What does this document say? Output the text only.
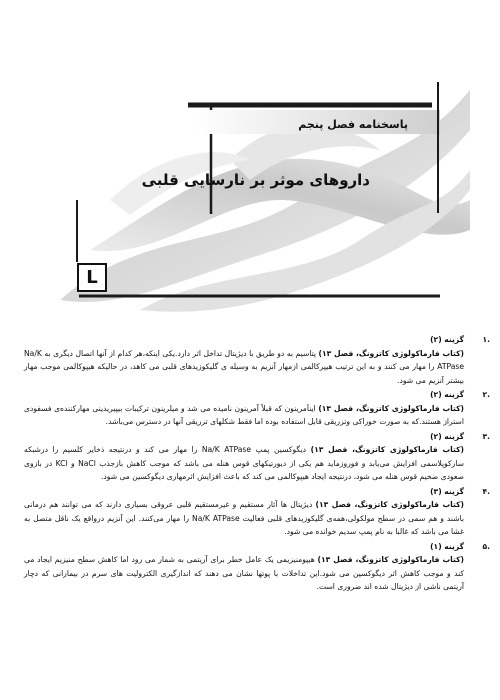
پاسخنامه فصل پنجم
داروهای موثر بر نارسایی قلبی
L
.۱
گزینه (۲)
(کتاب فارماکولوژی کاتزونگ، فصل ۱۳) پتاسیم به دو طریق با دیژیتال تداخل اثر دارد.یکی اینکه،هر کدام از آنها اتصال دیگری به Na/K ATPase را مهار می کنند و به این ترتیب هیپرکالمی ازمهار آنزیم به وسیله ی گلیکوزیدهای قلبی می کاهد، در حالیکه هیپوکالمی موجب مهار بیشتر آنزیم می شود.
.۲
گزینه (۲)
(کتاب فارماکولوژی کاتزونگ، فصل ۱۳) ایناَمرینون که قبلاً آمرینون نامیده می شد و میلرینون ترکیبات بیپیریدینی مهارکننده‌ی فسفودی استراز هستند.که به صورت خوراکی وتزریقی قابل استفاده بوده اما فقط شکلهای تزریقی آنها در دسترس می‌باشد.
.۳
گزینه (۲)
(کتاب فارماکولوژی کاتزونگ، فصل ۱۳) دیگوکسین پمپ Na/K ATPase را مهار می کند و درنتیجه ذخایر کلسیم را درشبکه سارکوپلاسمی افزایش می‌یابد و فوروزماید هم یکی از دیورتیکهای قوس هنله می باشد که موجب کاهش بازجذب NaCl و KCl در بازوی صعودی ضخیم قوس هنله می شود، درنتیجه ایجاد هیپوکالمی می کند که باعث افزایش اثرمهاری دیگوکسین می شود.
.۴
گزینه (۳)
(کتاب فارماکولوژی کاتزونگ، فصل ۱۳) دیژیتال ها آثار مستقیم و غیرمستقیم قلبی عروقی بسیاری دارند که می توانند هم درمانی باشند و هم سمی در سطح مولکولی،همه‌ی گلیکوزیدهای قلبی فعالیت Na/K ATPase را مهار می‌کنند. این آنزیم درواقع یک ناقل متصل به غشا می باشد که غالبا به نام پمپ سدیم خوانده می شود.
.۵
گزینه (۱)
(کتاب فارماکولوژی کاتزونگ، فصل ۱۳) هیپومنیزیمی یک عامل خطر برای آریتمی به شمار می رود اما کاهش سطح منیزیم ایجاد می کند و موجب کاهش اثر دیگوکسین می شود.این تداخلات با پوتها نشان می دهند که اندازگیری الکترولیت های سرم در بیمارانی که دچار آریتمی ناشی از دیژیتال شده اند ضروری است.
